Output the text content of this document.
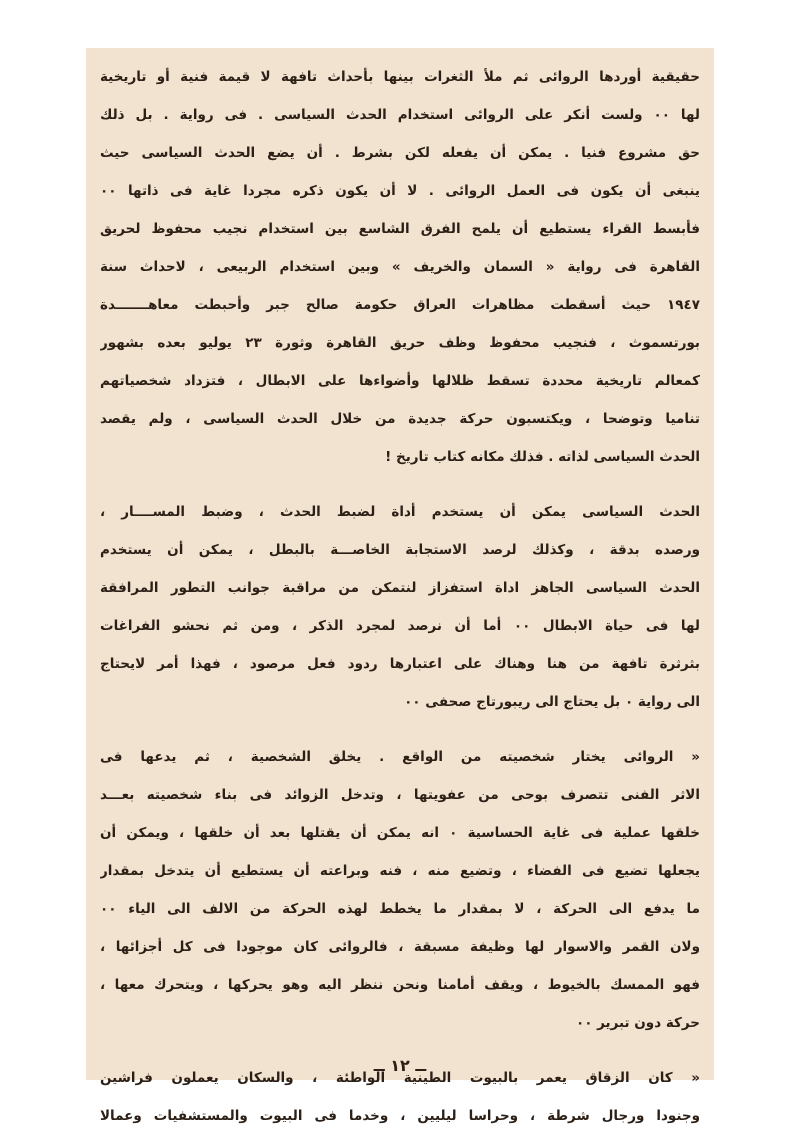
حقيقية أوردها الروائى ثم ملأ الثغرات بينها بأحداث تافهة لا قيمة فنية أو تاريخية
لها ٠٠ ولست أنكر على الروائى استخدام الحدث السياسى . فى رواية . بل ذلك
حق مشروع فنيا . يمكن أن يفعله لكن بشرط . أن يضع الحدث السياسى حيث
ينبغى أن يكون فى العمل الروائى . لا أن يكون ذكره مجردا غاية فى ذاتها ٠٠
فأبسط القراء يستطيع أن يلمح الفرق الشاسع بين استخدام نجيب محفوظ لحريق
القاهرة فى رواية « السمان والخريف » وبين استخدام الربيعى ، لاحداث سنة
١٩٤٧ حيث أسقطت مظاهرات العراق حكومة صالح جبر وأحبطت معاهـــــــدة
بورتسموث ، فنجيب محفوظ وظف حريق القاهرة وثورة ٢٣ يوليو بعده بشهور
كمعالم تاريخية محددة تسقط ظلالها وأضواءها على الابطال ، فتزداد شخصياتهم
تناميا وتوضحا ، ويكتسبون حركة جديدة من خلال الحدث السياسى ، ولم يقصد
الحدث السياسى لذاته . فذلك مكانه كتاب تاريخ !
الحدث السياسى يمكن أن يستخدم أداة لضبط الحدث ، وضبط المســــار ،
ورصده بدقة ، وكذلك لرصد الاستجابة الخاصـــة بالبطل ، يمكن أن يستخدم
الحدث السياسى الجاهز اداة استفزاز لنتمكن من مراقبة جوانب التطور المرافقة
لها فى حياة الابطال ٠٠ أما أن نرصد لمجرد الذكر ، ومن ثم نحشو الفراغات
بثرثرة تافهة من هنا وهناك على اعتبارها ردود فعل مرصود ، فهذا أمر لايحتاج
الى رواية ٠ بل يحتاج الى ريبورتاج صحفى ٠٠
« الروائى يختار شخصيته من الواقع . يخلق الشخصية ، ثم يدعها فى
الاثر الفنى تتصرف بوحى من عفويتها ، وتدخل الزوائد فى بناء شخصيته بعـــد
خلقها عملية فى غاية الحساسية ٠ انه يمكن أن يقتلها بعد أن خلقها ، ويمكن أن
يجعلها تضيع فى الفضاء ، وتضيع منه ، فنه وبراعته أن يستطيع أن يتدخل بمقدار
ما يدفع الى الحركة ، لا بمقدار ما يخطط لهذه الحركة من الالف الى الياء ٠٠
ولان القمر والاسوار لها وظيفة مسبقة ، فالروائى كان موجودا فى كل أجزائها ،
فهو الممسك بالخيوط ، ويقف أمامنا ونحن ننظر اليه وهو يحركها ، ويتحرك معها ،
حركة دون تبرير ٠٠
« كان الزقاق يعمر بالبيوت الطينية الواطئة ، والسكان يعملون فراشين
وجنودا ورجال شرطة ، وحراسا ليليين ، وخدما فى البيوت والمستشفيات وعمالا
ــ ١٢ ــ
